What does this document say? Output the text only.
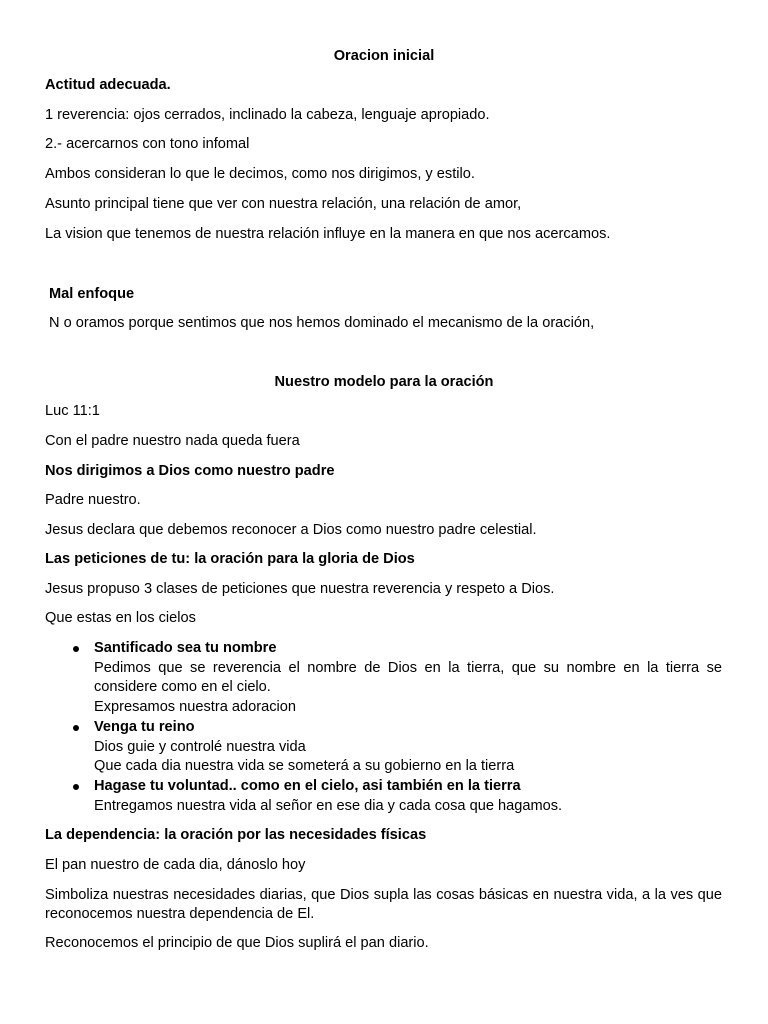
Oracion inicial
Actitud adecuada.
1 reverencia: ojos cerrados, inclinado la cabeza, lenguaje apropiado.
2.- acercarnos con tono infomal
Ambos consideran lo que le decimos, como nos dirigimos, y estilo.
Asunto principal tiene que ver con nuestra relación, una relación de amor,
La vision que tenemos de nuestra relación influye en la manera en que nos acercamos.
Mal enfoque
N o oramos porque sentimos que nos hemos dominado el mecanismo de la oración,
Nuestro modelo para la oración
Luc 11:1
Con el padre nuestro nada queda fuera
Nos dirigimos a Dios como nuestro padre
Padre nuestro.
Jesus declara que debemos reconocer a Dios como nuestro padre celestial.
Las peticiones de tu: la oración para la gloria de Dios
Jesus propuso 3 clases de peticiones que nuestra reverencia y respeto a Dios.
Que estas en los cielos
Santificado sea tu nombre
Pedimos que se reverencia el nombre de Dios en la tierra, que su nombre en la tierra se considere como en el cielo.
Expresamos nuestra adoracion
Venga tu reino
Dios guie y controlé nuestra vida
Que cada dia nuestra vida se someterá a su gobierno en la tierra
Hagase tu voluntad.. como en el cielo, asi también en la tierra
Entregamos nuestra vida al señor en ese dia y cada cosa que hagamos.
La dependencia: la oración por las necesidades físicas
El pan nuestro de cada dia, dánoslo hoy
Simboliza nuestras necesidades diarias, que Dios supla las cosas básicas en nuestra vida, a la ves que reconocemos nuestra dependencia de El.
Reconocemos el principio de que Dios suplirá el pan diario.
